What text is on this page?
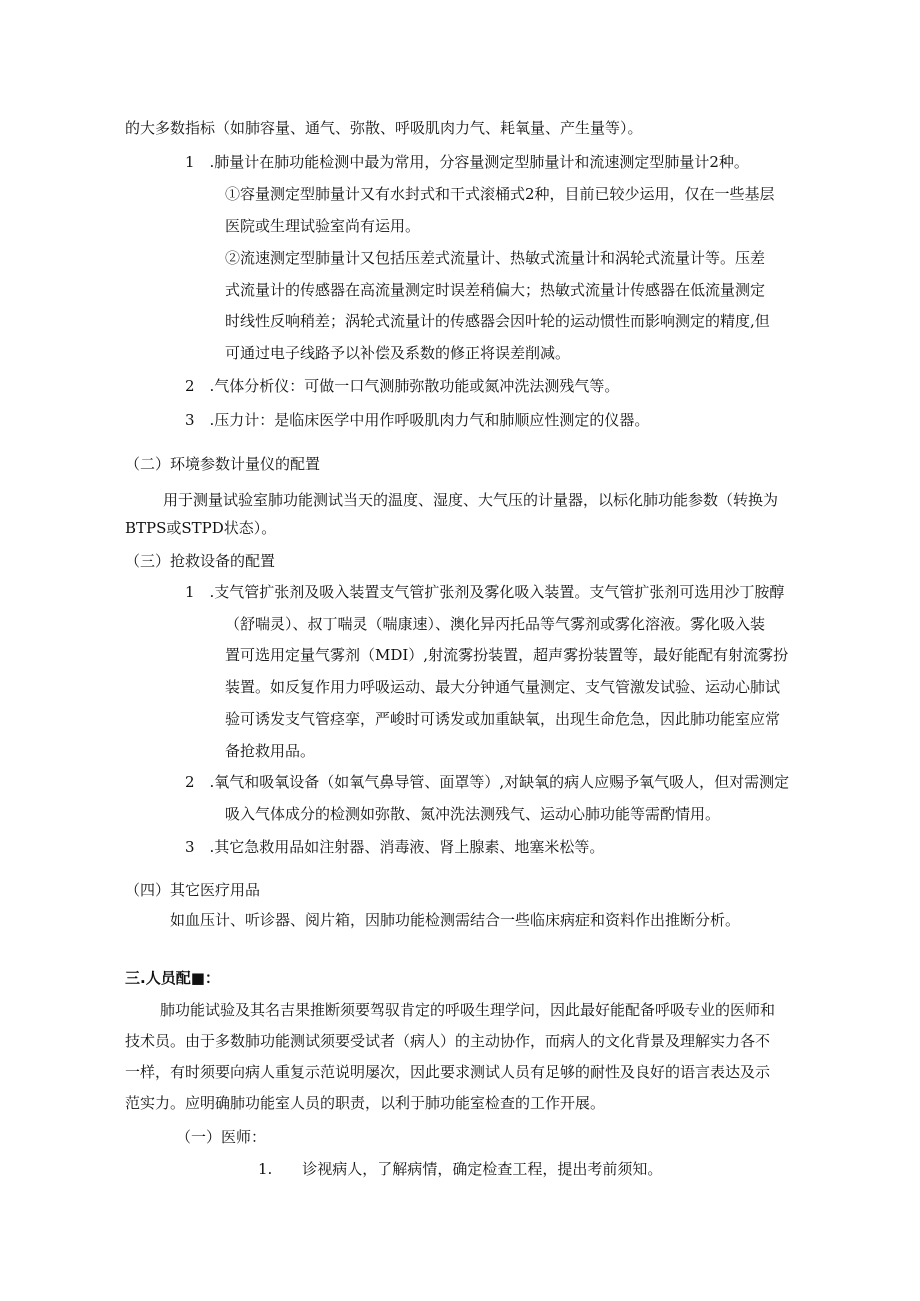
的大多数指标（如肺容量、通气、弥散、呼吸肌肉力气、耗氧量、产生量等）。
1　.肺量计在肺功能检测中最为常用，分容量测定型肺量计和流速测定型肺量计2种。
①容量测定型肺量计又有水封式和干式滚桶式2种，目前已较少运用，仅在一些基层
医院或生理试验室尚有运用。
②流速测定型肺量计又包括压差式流量计、热敏式流量计和涡轮式流量计等。压差
式流量计的传感器在高流量测定时误差稍偏大；热敏式流量计传感器在低流量测定
时线性反响稍差；涡轮式流量计的传感器会因叶轮的运动惯性而影响测定的精度,但
可通过电子线路予以补偿及系数的修正将误差削减。
2　.气体分析仪：可做一口气测肺弥散功能或氮冲洗法测残气等。
3　.压力计：是临床医学中用作呼吸肌肉力气和肺顺应性测定的仪器。
（二）环境参数计量仪的配置
用于测量试验室肺功能测试当天的温度、湿度、大气压的计量器，以标化肺功能参数（转换为
BTPS或STPD状态）。
（三）抢救设备的配置
1　.支气管扩张剂及吸入装置支气管扩张剂及雾化吸入装置。支气管扩张剂可选用沙丁胺醇
（舒喘灵）、叔丁喘灵（喘康速）、澳化异丙托品等气雾剂或雾化溶液。雾化吸入装
置可选用定量气雾剂（MDI）,射流雾扮装置，超声雾扮装置等，最好能配有射流雾扮
装置。如反复作用力呼吸运动、最大分钟通气量测定、支气管激发试验、运动心肺试
验可诱发支气管痉挛，严峻时可诱发或加重缺氧，出现生命危急，因此肺功能室应常
备抢救用品。
2　.氧气和吸氧设备（如氧气鼻导管、面罩等）,对缺氧的病人应赐予氧气吸人，但对需测定
吸入气体成分的检测如弥散、氮冲洗法测残气、运动心肺功能等需酌情用。
3　.其它急救用品如注射器、消毒液、肾上腺素、地塞米松等。
（四）其它医疗用品
如血压计、听诊器、阅片箱，因肺功能检测需结合一些临床病症和资料作出推断分析。
三.人员配■：
肺功能试验及其名吉果推断须要驾驭肯定的呼吸生理学问，因此最好能配备呼吸专业的医师和
技术员。由于多数肺功能测试须要受试者（病人）的主动协作，而病人的文化背景及理解实力各不
一样，有时须要向病人重复示范说明屡次，因此要求测试人员有足够的耐性及良好的语言表达及示
范实力。应明确肺功能室人员的职责，以利于肺功能室检查的工作开展。
（一）医师：
1.　　诊视病人，了解病情，确定检查工程，提出考前须知。
